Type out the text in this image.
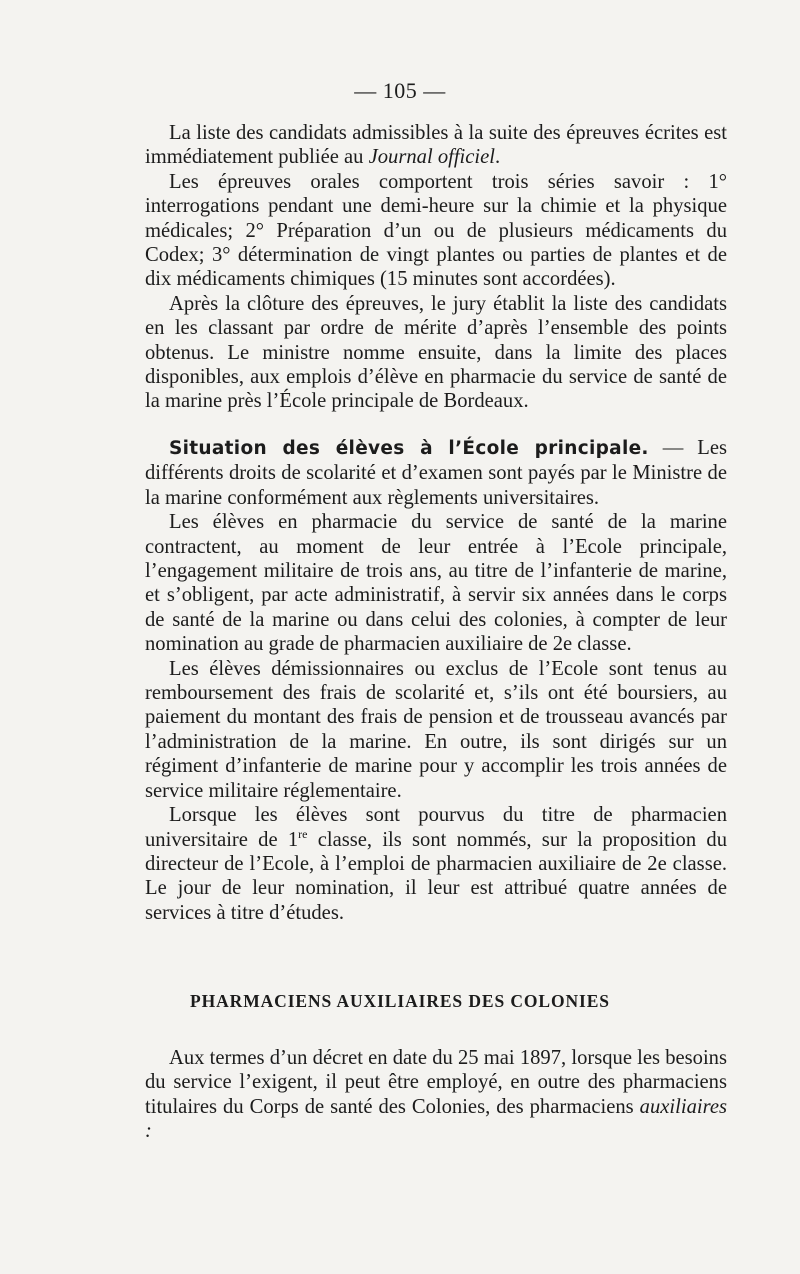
— 105 —

La liste des candidats admissibles à la suite des épreuves écrites est immédiatement publiée au Journal officiel.

Les épreuves orales comportent trois séries savoir : 1° interrogations pendant une demi-heure sur la chimie et la physique médicales; 2° Préparation d’un ou de plusieurs médicaments du Codex; 3° détermination de vingt plantes ou parties de plantes et de dix médicaments chimiques (15 minutes sont accordées).

Après la clôture des épreuves, le jury établit la liste des candidats en les classant par ordre de mérite d’après l’ensemble des points obtenus. Le ministre nomme ensuite, dans la limite des places disponibles, aux emplois d’élève en pharmacie du service de santé de la marine près l’École principale de Bordeaux.

Situation des élèves à l’École principale. — Les différents droits de scolarité et d’examen sont payés par le Ministre de la marine conformément aux règlements universitaires.

Les élèves en pharmacie du service de santé de la marine contractent, au moment de leur entrée à l’Ecole principale, l’engagement militaire de trois ans, au titre de l’infanterie de marine, et s’obligent, par acte administratif, à servir six années dans le corps de santé de la marine ou dans celui des colonies, à compter de leur nomination au grade de pharmacien auxiliaire de 2e classe.

Les élèves démissionnaires ou exclus de l’Ecole sont tenus au remboursement des frais de scolarité et, s’ils ont été boursiers, au paiement du montant des frais de pension et de trousseau avancés par l’administration de la marine. En outre, ils sont dirigés sur un régiment d’infanterie de marine pour y accomplir les trois années de service militaire réglementaire.

Lorsque les élèves sont pourvus du titre de pharmacien universitaire de 1re classe, ils sont nommés, sur la proposition du directeur de l’Ecole, à l’emploi de pharmacien auxiliaire de 2e classe. Le jour de leur nomination, il leur est attribué quatre années de services à titre d’études.

PHARMACIENS AUXILIAIRES DES COLONIES

Aux termes d’un décret en date du 25 mai 1897, lorsque les besoins du service l’exigent, il peut être employé, en outre des pharmaciens titulaires du Corps de santé des Colonies, des pharmaciens auxiliaires :
